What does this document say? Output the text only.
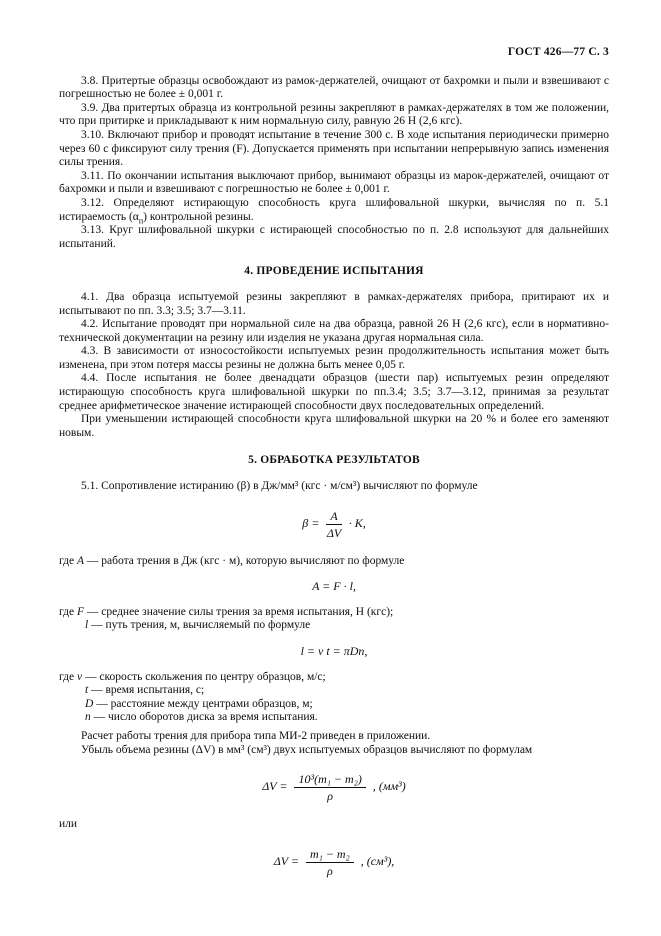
ГОСТ 426—77 С. 3

3.8. Притертые образцы освобождают из рамок-держателей, очищают от бахромки и пыли и взвешивают с погрешностью не более ± 0,001 г.

3.9. Два притертых образца из контрольной резины закрепляют в рамках-держателях в том же положении, что при притирке и прикладывают к ним нормальную силу, равную 26 Н (2,6 кгс).

3.10. Включают прибор и проводят испытание в течение 300 с. В ходе испытания периодически примерно через 60 с фиксируют силу трения (F). Допускается применять при испытании непрерывную запись изменения силы трения.

3.11. По окончании испытания выключают прибор, вынимают образцы из марок-держателей, очищают от бахромки и пыли и взвешивают с погрешностью не более ± 0,001 г.

3.12. Определяют истирающую способность круга шлифовальной шкурки, вычисляя по п. 5.1 истираемость $(\alpha_п)$ контрольной резины.

3.13. Круг шлифовальной шкурки с истирающей способностью по п. 2.8 используют для дальнейших испытаний.

4. ПРОВЕДЕНИЕ ИСПЫТАНИЯ

4.1. Два образца испытуемой резины закрепляют в рамках-держателях прибора, притирают их и испытывают по пп. 3.3; 3.5; 3.7—3.11.

4.2. Испытание проводят при нормальной силе на два образца, равной 26 Н (2,6 кгс), если в нормативно-технической документации на резину или изделия не указана другая нормальная сила.

4.3. В зависимости от износостойкости испытуемых резин продолжительность испытания может быть изменена, при этом потеря массы резины не должна быть менее 0,05 г.

4.4. После испытания не более двенадцати образцов (шести пар) испытуемых резин определяют истирающую способность круга шлифовальной шкурки по пп.3.4; 3.5; 3.7—3.12, принимая за результат среднее арифметическое значение истирающей способности двух последовательных определений.

При уменьшении истирающей способности круга шлифовальной шкурки на 20 % и более его заменяют новым.

5. ОБРАБОТКА РЕЗУЛЬТАТОВ

5.1. Сопротивление истиранию (β) в Дж/мм³ (кгс · м/см³) вычисляют по формуле

$\beta = \frac{A}{\Delta V} \cdot K$,

где A — работа трения в Дж (кгс · м), которую вычисляют по формуле

A = F · l,

где F — среднее значение силы трения за время испытания, Н (кгс);

l — путь трения, м, вычисляемый по формуле

l = v t = πDn,

где v — скорость скольжения по центру образцов, м/с;

t — время испытания, с;

D — расстояние между центрами образцов, м;

n — число оборотов диска за время испытания.

Расчет работы трения для прибора типа МИ-2 приведен в приложении.

Убыль объема резины (ΔV) в мм³ (см³) двух испытуемых образцов вычисляют по формулам

$\Delta V = \frac{\text{10³(m₁ − m₂)}}{\rho}$ , (мм³)

или

$\Delta V = \frac{\text{m₁ − m₂}}{\rho}$ , (см³),
